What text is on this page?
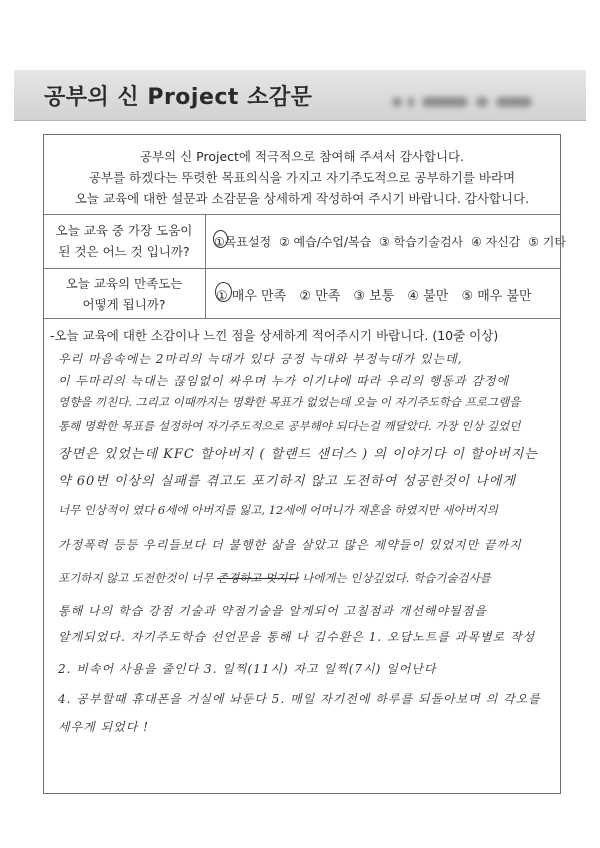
공부의 신 Project 소감문
공부의 신 Project에 적극적으로 참여해 주셔서 감사합니다.
공부를 하겠다는 뚜렷한 목표의식을 가지고 자기주도적으로 공부하기를 바라며
오늘 교육에 대한 설문과 소감문을 상세하게 작성하여 주시기 바랍니다. 감사합니다.
오늘 교육 중 가장 도움이
된 것은 어느 것 입니까?
①목표설정 ② 예습/수업/복습 ③ 학습기술검사 ④ 자신감 ⑤ 기타
오늘 교육의 만족도는
어떻게 됩니까?
① 매우 만족 ② 만족 ③ 보통 ④ 불만 ⑤ 매우 불만
-오늘 교육에 대한 소감이나 느낀 점을 상세하게 적어주시기 바랍니다. (10줄 이상)
우리 마음속에는 2마리의 늑대가 있다 긍정 늑대와 부정늑대가 있는데,
이 두마리의 늑대는 끊임없이 싸우며 누가 이기냐에 따라 우리의 행동과 감정에
영향을 끼친다. 그리고 이때까지는 명확한 목표가 없었는데 오늘 이 자기주도학습 프로그램을
통해 명확한 목표를 설정하여 자기주도적으로 공부해야 되다는걸 깨달았다. 가장 인상 깊었던
장면은 있었는데 KFC 할아버지 ( 할랜드 샌더스 ) 의 이야기다 이 할아버지는
약 60번 이상의 실패를 겪고도 포기하지 않고 도전하여 성공한것이 나에게
너무 인상적이 였다 6세에 아버지를 잃고, 12세에 어머니가 재혼을 하였지만 새아버지의
가정폭력 등등 우리들보다 더 불행한 삶을 살았고 많은 제약들이 있었지만 끝까지
포기하지 않고 도전한것이 너무 존경하고 멋지다 나에게는 인상깊었다. 학습기술검사를
통해 나의 학습 강점 기술과 약점기술을 알게되어 고칠점과 개선해야될점을
알게되었다. 자기주도학습 선언문을 통해 나 김수환은 1. 오답노트를 과목별로 작성
2. 비속어 사용을 줄인다 3. 일찍(11시) 자고 일찍(7시) 일어난다
4. 공부할때 휴대폰을 거실에 놔둔다 5. 매일 자기전에 하루를 되돌아보며 의 각오를
세우게 되었다 !
